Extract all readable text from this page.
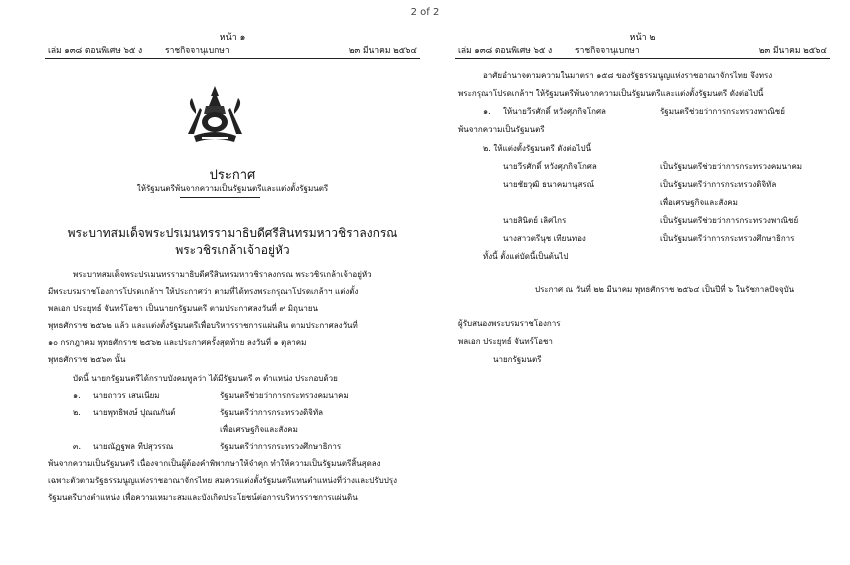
2 of 2
หน้า ๑
เล่ม ๑๓๘ ตอนพิเศษ ๖๕ ง	ราชกิจจานุเบกษา	๒๓ มีนาคม ๒๕๖๔
ประกาศ
ให้รัฐมนตรีพ้นจากความเป็นรัฐมนตรีและแต่งตั้งรัฐมนตรี
พระบาทสมเด็จพระปรเมนทรรามาธิบดีศรีสินทรมหาวชิราลงกรณ
พระวชิรเกล้าเจ้าอยู่หัว
พระบาทสมเด็จพระปรเมนทรรามาธิบดีศรีสินทรมหาวชิราลงกรณ พระวชิรเกล้าเจ้าอยู่หัว
มีพระบรมราชโองการโปรดเกล้าฯ ให้ประกาศว่า ตามที่ได้ทรงพระกรุณาโปรดเกล้าฯ แต่งตั้ง
พลเอก ประยุทธ์ จันทร์โอชา เป็นนายกรัฐมนตรี ตามประกาศลงวันที่ ๙ มิถุนายน
พุทธศักราช ๒๕๖๒ แล้ว และแต่งตั้งรัฐมนตรีเพื่อบริหารราชการแผ่นดิน ตามประกาศลงวันที่
๑๐ กรกฎาคม พุทธศักราช ๒๕๖๒ และประกาศครั้งสุดท้าย ลงวันที่ ๑ ตุลาคม
พุทธศักราช ๒๕๖๓ นั้น
บัดนี้ นายกรัฐมนตรีได้กราบบังคมทูลว่า ได้มีรัฐมนตรี ๓ ตำแหน่ง ประกอบด้วย
๑. นายถาวร เสนเนียม	รัฐมนตรีช่วยว่าการกระทรวงคมนาคม
๒. นายพุทธิพงษ์ ปุณณกันต์	รัฐมนตรีว่าการกระทรวงดิจิทัล
เพื่อเศรษฐกิจและสังคม
๓. นายณัฏฐพล ทีปสุวรรณ	รัฐมนตรีว่าการกระทรวงศึกษาธิการ
พ้นจากความเป็นรัฐมนตรี เนื่องจากเป็นผู้ต้องคำพิพากษาให้จำคุก ทำให้ความเป็นรัฐมนตรีสิ้นสุดลง
เฉพาะตัวตามรัฐธรรมนูญแห่งราชอาณาจักรไทย สมควรแต่งตั้งรัฐมนตรีแทนตำแหน่งที่ว่างและปรับปรุง
รัฐมนตรีบางตำแหน่ง เพื่อความเหมาะสมและบังเกิดประโยชน์ต่อการบริหารราชการแผ่นดิน
หน้า ๒
เล่ม ๑๓๘ ตอนพิเศษ ๖๕ ง	ราชกิจจานุเบกษา	๒๓ มีนาคม ๒๕๖๔
อาศัยอำนาจตามความในมาตรา ๑๕๘ ของรัฐธรรมนูญแห่งราชอาณาจักรไทย จึงทรง
พระกรุณาโปรดเกล้าฯ ให้รัฐมนตรีพ้นจากความเป็นรัฐมนตรีและแต่งตั้งรัฐมนตรี ดังต่อไปนี้
๑. ให้นายวีรศักดิ์ หวังศุภกิจโกศล	รัฐมนตรีช่วยว่าการกระทรวงพาณิชย์
พ้นจากความเป็นรัฐมนตรี
๒. ให้แต่งตั้งรัฐมนตรี ดังต่อไปนี้
นายวีรศักดิ์ หวังศุภกิจโกศล	เป็นรัฐมนตรีช่วยว่าการกระทรวงคมนาคม
นายชัยวุฒิ ธนาคมานุสรณ์	เป็นรัฐมนตรีว่าการกระทรวงดิจิทัล
เพื่อเศรษฐกิจและสังคม
นายสินิตย์ เลิศไกร	เป็นรัฐมนตรีช่วยว่าการกระทรวงพาณิชย์
นางสาวตรีนุช เทียนทอง	เป็นรัฐมนตรีว่าการกระทรวงศึกษาธิการ
ทั้งนี้ ตั้งแต่บัดนี้เป็นต้นไป
ประกาศ ณ วันที่ ๒๒ มีนาคม พุทธศักราช ๒๕๖๔ เป็นปีที่ ๖ ในรัชกาลปัจจุบัน
ผู้รับสนองพระบรมราชโองการ
พลเอก ประยุทธ์ จันทร์โอชา
นายกรัฐมนตรี
